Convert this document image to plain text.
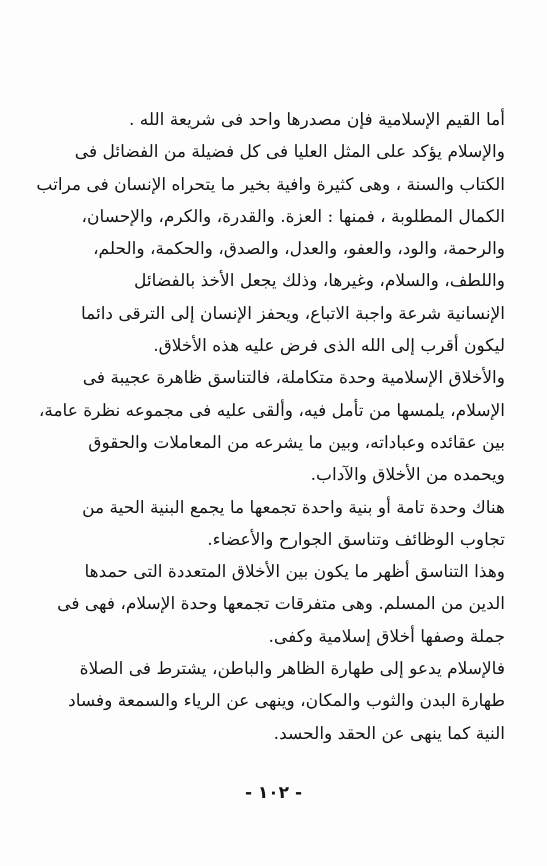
أما القيم الإسلامية فإن مصدرها واحد فى شريعة الله .
والإسلام يؤكد على المثل العليا فى كل فضيلة من الفضائل فى
الكتاب والسنة ، وهى كثيرة وافية بخير ما يتحراه الإنسان فى مراتب
الكمال المطلوبة ، فمنها : العزة. والقدرة، والكرم، والإحسان،
والرحمة، والود، والعفو، والعدل، والصدق، والحكمة، والحلم،
واللطف، والسلام، وغيرها، وذلك يجعل الأخذ بالفضائل
الإنسانية شرعة واجبة الاتباع، ويحفز الإنسان إلى الترقى دائما
ليكون أقرب إلى الله الذى فرض عليه هذه الأخلاق.

والأخلاق الإسلامية وحدة متكاملة، فالتناسق ظاهرة عجيبة فى
الإسلام، يلمسها من تأمل فيه، وألقى عليه فى مجموعه نظرة عامة،
بين عقائده وعباداته، وبين ما يشرعه من المعاملات والحقوق
ويحمده من الأخلاق والآداب.

هناك وحدة تامة أو بنية واحدة تجمعها ما يجمع البنية الحية من
تجاوب الوظائف وتناسق الجوارح والأعضاء.

وهذا التناسق أظهر ما يكون بين الأخلاق المتعددة التى حمدها
الدين من المسلم. وهى متفرقات تجمعها وحدة الإسلام، فهى فى
جملة وصفها أخلاق إسلامية وكفى.

فالإسلام يدعو إلى طهارة الظاهر والباطن، يشترط فى الصلاة
طهارة البدن والثوب والمكان، وينهى عن الرياء والسمعة وفساد
النية كما ينهى عن الحقد والحسد.

- ١٠٢ -
